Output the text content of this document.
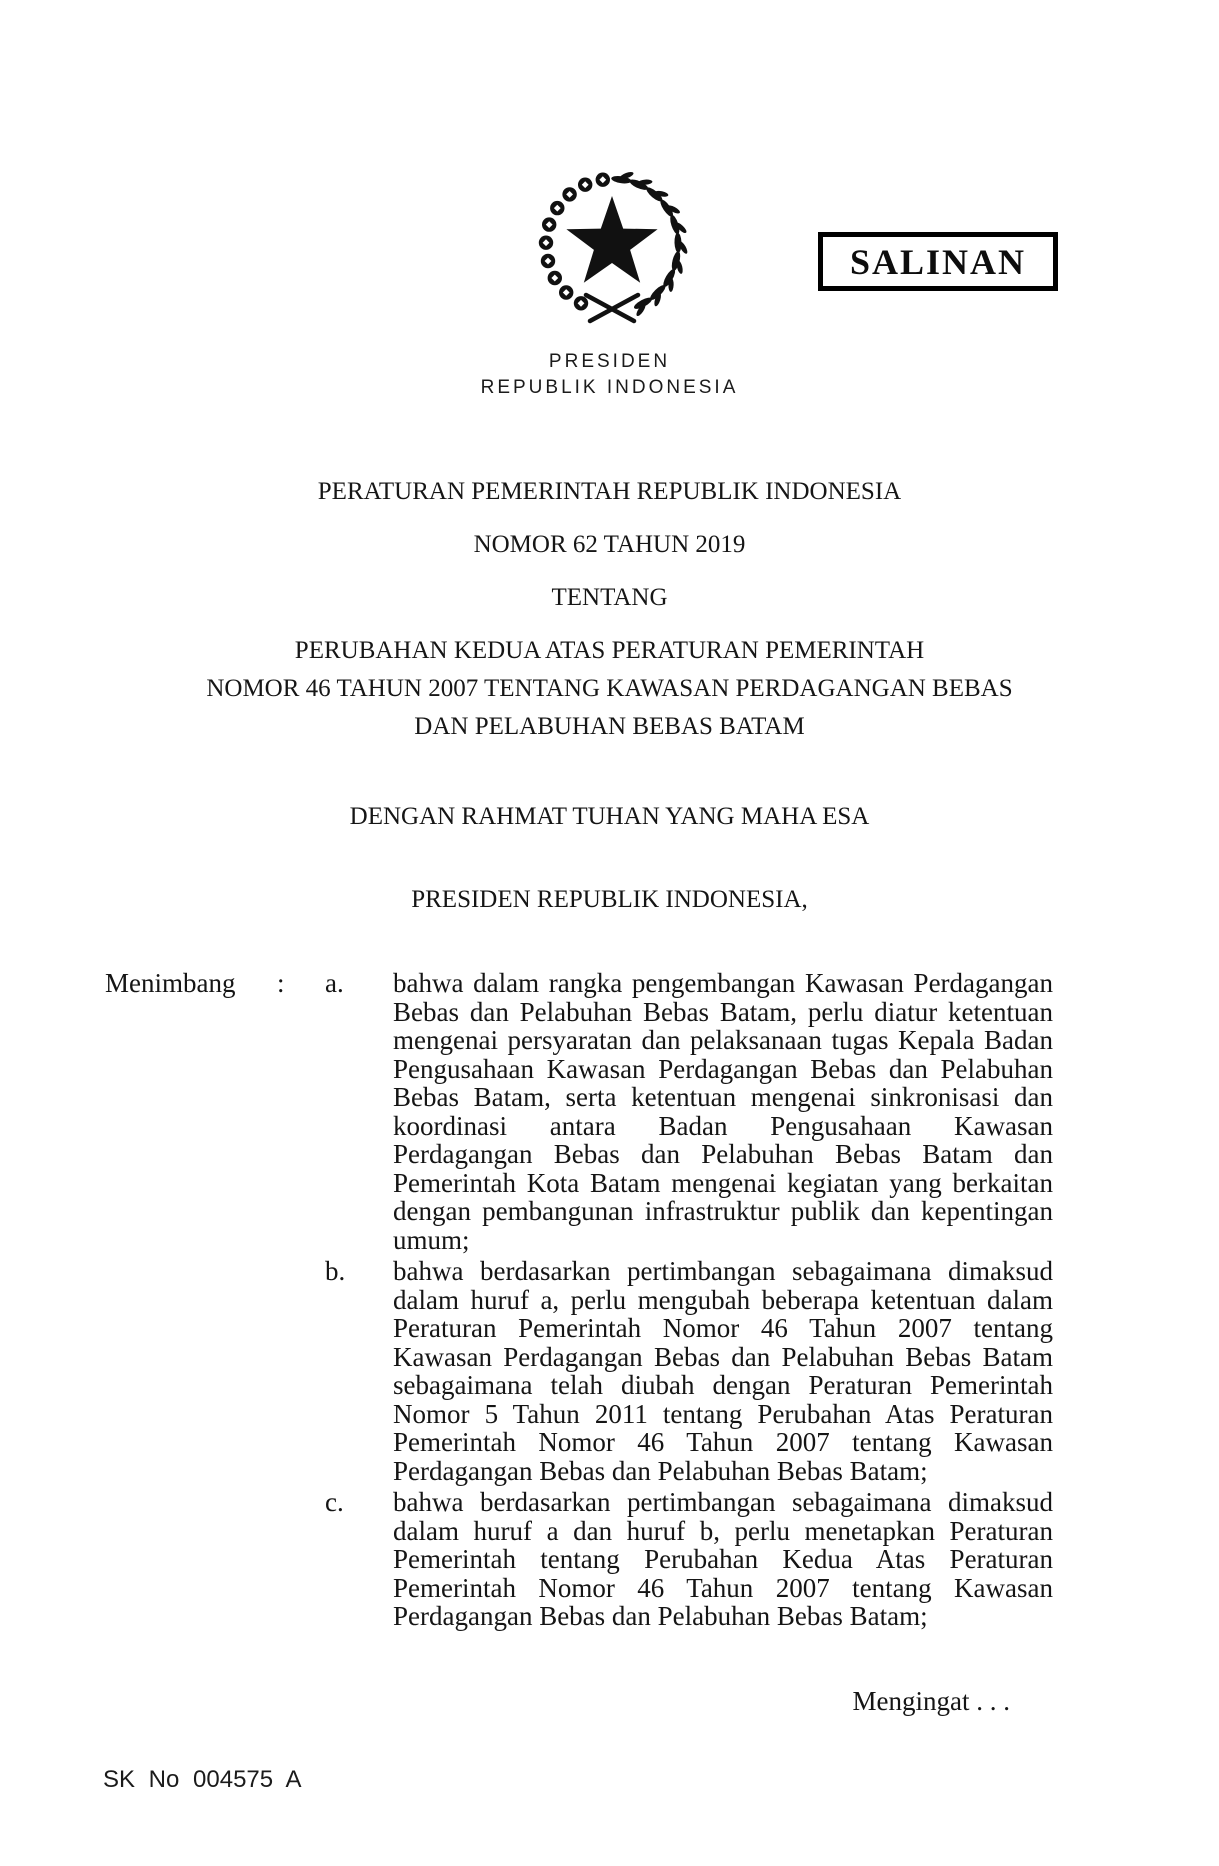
SALINAN
PRESIDEN
REPUBLIK INDONESIA

PERATURAN PEMERINTAH REPUBLIK INDONESIA

NOMOR 62 TAHUN 2019

TENTANG

PERUBAHAN KEDUA ATAS PERATURAN PEMERINTAH
NOMOR 46 TAHUN 2007 TENTANG KAWASAN PERDAGANGAN BEBAS
DAN PELABUHAN BEBAS BATAM
DENGAN RAHMAT TUHAN YANG MAHA ESA
PRESIDEN REPUBLIK INDONESIA,
Menimbang	:	a.	bahwa dalam rangka pengembangan Kawasan Perdagangan Bebas dan Pelabuhan Bebas Batam, perlu diatur ketentuan mengenai persyaratan dan pelaksanaan tugas Kepala Badan Pengusahaan Kawasan Perdagangan Bebas dan Pelabuhan Bebas Batam, serta ketentuan mengenai sinkronisasi dan koordinasi antara Badan Pengusahaan Kawasan Perdagangan Bebas dan Pelabuhan Bebas Batam dan Pemerintah Kota Batam mengenai kegiatan yang berkaitan dengan pembangunan infrastruktur publik dan kepentingan umum;
b.	bahwa berdasarkan pertimbangan sebagaimana dimaksud dalam huruf a, perlu mengubah beberapa ketentuan dalam Peraturan Pemerintah Nomor 46 Tahun 2007 tentang Kawasan Perdagangan Bebas dan Pelabuhan Bebas Batam sebagaimana telah diubah dengan Peraturan Pemerintah Nomor 5 Tahun 2011 tentang Perubahan Atas Peraturan Pemerintah Nomor 46 Tahun 2007 tentang Kawasan Perdagangan Bebas dan Pelabuhan Bebas Batam;
c.	bahwa berdasarkan pertimbangan sebagaimana dimaksud dalam huruf a dan huruf b, perlu menetapkan Peraturan Pemerintah tentang Perubahan Kedua Atas Peraturan Pemerintah Nomor 46 Tahun 2007 tentang Kawasan Perdagangan Bebas dan Pelabuhan Bebas Batam;
Mengingat . . .
SK No 004575 A
